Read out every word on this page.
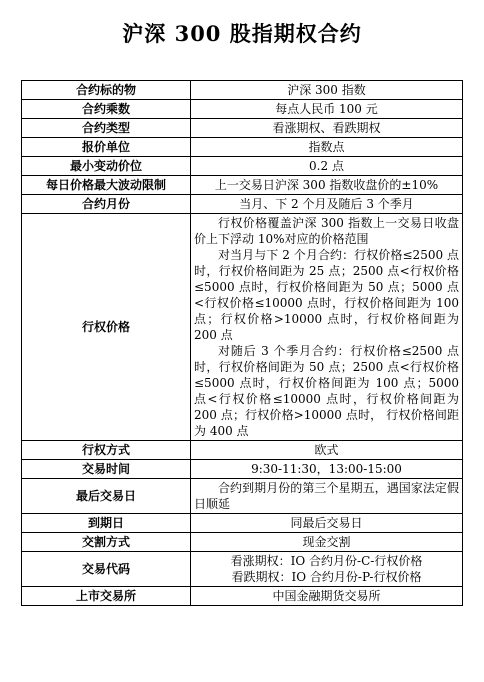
沪深 300 股指期权合约
合约标的物	沪深 300 指数
合约乘数	每点人民币 100 元
合约类型	看涨期权、看跌期权
报价单位	指数点
最小变动价位	0.2 点
每日价格最大波动限制	上一交易日沪深 300 指数收盘价的±10%
合约月份	当月、下 2 个月及随后 3 个季月
行权价格	行权价格覆盖沪深 300 指数上一交易日收盘价上下浮动 10%对应的价格范围
对当月与下 2 个月合约：行权价格≤2500 点时，行权价格间距为 25 点；2500 点<行权价格≤5000 点时，行权价格间距为 50 点；5000 点<行权价格≤10000 点时，行权价格间距为 100 点；行权价格>10000 点时，行权价格间距为 200 点
对随后 3 个季月合约：行权价格≤2500 点时，行权价格间距为 50 点；2500 点<行权价格≤5000 点时，行权价格间距为 100 点；5000 点<行权价格≤10000 点时，行权价格间距为 200 点；行权价格>10000 点时， 行权价格间距为 400 点

行权方式	欧式
交易时间	9:30-11:30，13:00-15:00
最后交易日	合约到期月份的第三个星期五，遇国家法定假日顺延

到期日	同最后交易日
交割方式	现金交割
交易代码	看涨期权：IO 合约月份-C-行权价格
看跌期权：IO 合约月份-P-行权价格

上市交易所	中国金融期货交易所
